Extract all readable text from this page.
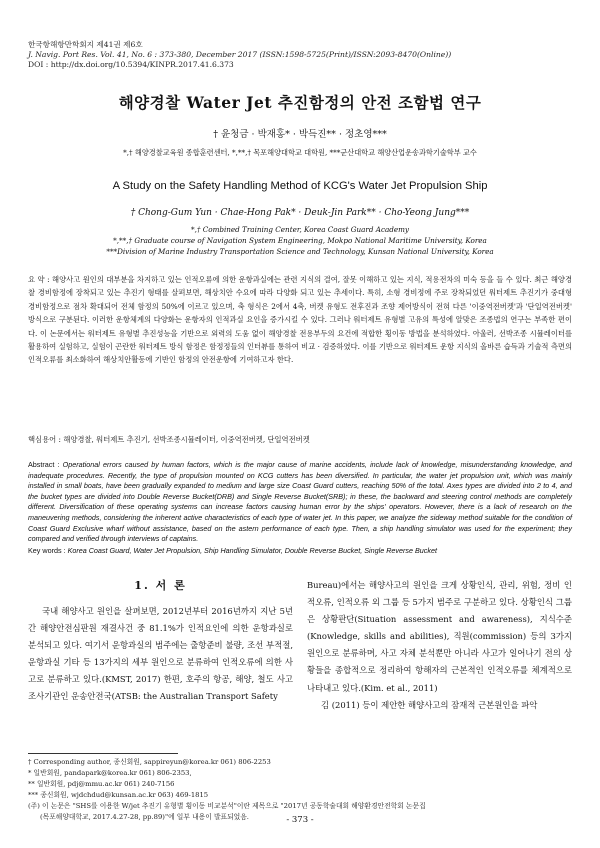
한국항해항만학회지 제41권 제6호
J. Navig. Port Res. Vol. 41, No. 6 : 373-380, December 2017 (ISSN:1598-5725(Print)/ISSN:2093-8470(Online))
DOI : http://dx.doi.org/10.5394/KINPR.2017.41.6.373
해양경찰 Water Jet 추진함정의 안전 조함법 연구
† 윤청금 · 박재홍* · 박득진** · 정초영***
*,† 해양경찰교육원 종합훈련센터, *,**,† 목포해양대학교 대학원, ***군산대학교 해양산업운송과학기술학부 교수
A Study on the Safety Handling Method of KCG's Water Jet Propulsion Ship
† Chong-Gum Yun · Chae-Hong Pak* · Deuk-Jin Park** · Cho-Yeong Jung***
*,† Combined Training Center, Korea Coast Guard Academy
*,**,† Graduate course of Navigation System Engineering, Mokpo National Maritime University, Korea
***Division of Marine Industry Transportation Science and Technology, Kunsan National University, Korea
요 약 : 해양사고 원인의 대부분을 차지하고 있는 인적오류에 의한 운항과실에는 관련 지식의 결여, 잘못 이해하고 있는 지식, 적용전차의 미숙 등을 들 수 있다. 최근 해양경찰 경비함정에 장착되고 있는 추진기 형태를 살펴보면, 해상치안 수요에 따라 다양화 되고 있는 추세이다. 특히, 소형 경비정에 주로 장착되었던 워터제트 추진기가 중대형 경비함정으로 점차 확대되어 전체 함정의 50%에 이르고 있으며, 축 형식은 2에서 4축, 버켓 유형도 전후진과 조향 제어방식이 전혀 다른 '이중역전버켓'과 '단일역전버켓' 방식으로 구분된다. 이러한 운항체계의 다양화는 운항자의 인적과실 요인을 증가시킬 수 있다. 그러나 워터제트 유형별 고유의 특성에 알맞은 조종법의 연구는 부족한 편이다. 이 논문에서는 워터제트 유형별 추진성능을 기반으로 외력의 도움 없이 해양경찰 전용부두의 요건에 적합한 횡이동 방법을 분석하였다. 아울러, 선박조종 시뮬레이터를 활용하여 실험하고, 실험이 곤란한 워터제트 방식 함정은 함정정들의 인터뷰를 통하여 비교 · 검증하였다. 이를 기반으로 워터제트 운항 지식의 올바른 습득과 기술적 측면의 인적오류를 최소화하여 해상치안활동에 기반인 함정의 안전운항에 기여하고자 한다.
핵심용어 : 해양경찰, 워터제트 추진기, 선박조종시뮬레이터, 이중역전버켓, 단일역전버켓
Abstract : Operational errors caused by human factors, which is the major cause of marine accidents, include lack of knowledge, misunderstanding knowledge, and inadequate procedures. Recently, the type of propulsion mounted on KCG cutters has been diversified. In particular, the water jet propulsion unit, which was mainly installed in small boats, have been gradually expanded to medium and large size Coast Guard cutters, reaching 50% of the total. Axes types are divided into 2 to 4, and the bucket types are divided into Double Reverse Bucket(DRB) and Single Reverse Bucket(SRB); in these, the backward and steering control methods are completely different. Diversification of these operating systems can increase factors causing human error by the ships' operators. However, there is a lack of research on the maneuvering methods, considering the inherent active characteristics of each type of water jet. In this paper, we analyze the sideway method suitable for the condition of Coast Guard Exclusive wharf without assistance, based on the astern performance of each type. Then, a ship handling simulator was used for the experiment; they compared and verified through interviews of captains.
Key words : Korea Coast Guard, Water Jet Propulsion, Ship Handling Simulator, Double Reverse Bucket, Single Reverse Bucket
1. 서 론

국내 해양사고 원인을 살펴보면, 2012년부터 2016년까지 지난 5년간 해양안전심판원 재결사건 중 81.1%가 인적요인에 의한 운항과실로 분석되고 있다. 여기서 운항과실의 범주에는 출항준비 불량, 조선 부적절, 운항과실 기타 등 13가지의 세부 원인으로 분류하여 인적오류에 의한 사고로 분류하고 있다.(KMST, 2017) 한편, 호주의 항공, 해양, 철도 사고 조사기관인 운송안전국(ATSB: the Australian Transport Safety

Bureau)에서는 해양사고의 원인을 크게 상황인식, 관리, 위험, 정비 인적오류, 인적오류 외 그룹 등 5가지 범주로 구분하고 있다. 상황인식 그룹은 상황판단(Situation assessment and awareness), 지식수준(Knowledge, skills and abilities), 직원(commission) 등의 3가지 원인으로 분류하며, 사고 자체 분석뿐만 아니라 사고가 일어나기 전의 상황들을 종합적으로 정리하여 항해자의 근본적인 인적오류를 체계적으로 나타내고 있다.(Kim. et al., 2011)

김 (2011) 등이 제안한 해양사고의 잠재적 근본원인을 파악

† Corresponding author, 종신회원, sappireyun@korea.kr 061) 806-2253
* 일반회원, pandapark@korea.kr 061) 806-2353,
** 일반회원, pdj@mmu.ac.kr 061) 240-7156
*** 종신회원, wjdchdud@kunsan.ac.kr 063) 469-1815
(주) 이 논문은 "SHS를 이용한 W/jet 추진기 유형별 횡이동 비교분석"이란 제목으로 "2017년 공동학술대회 해양환경안전학회 논문집
(목포해양대학교, 2017.4.27-28, pp.89)"에 일부 내용이 발표되었음.	- 373 -
